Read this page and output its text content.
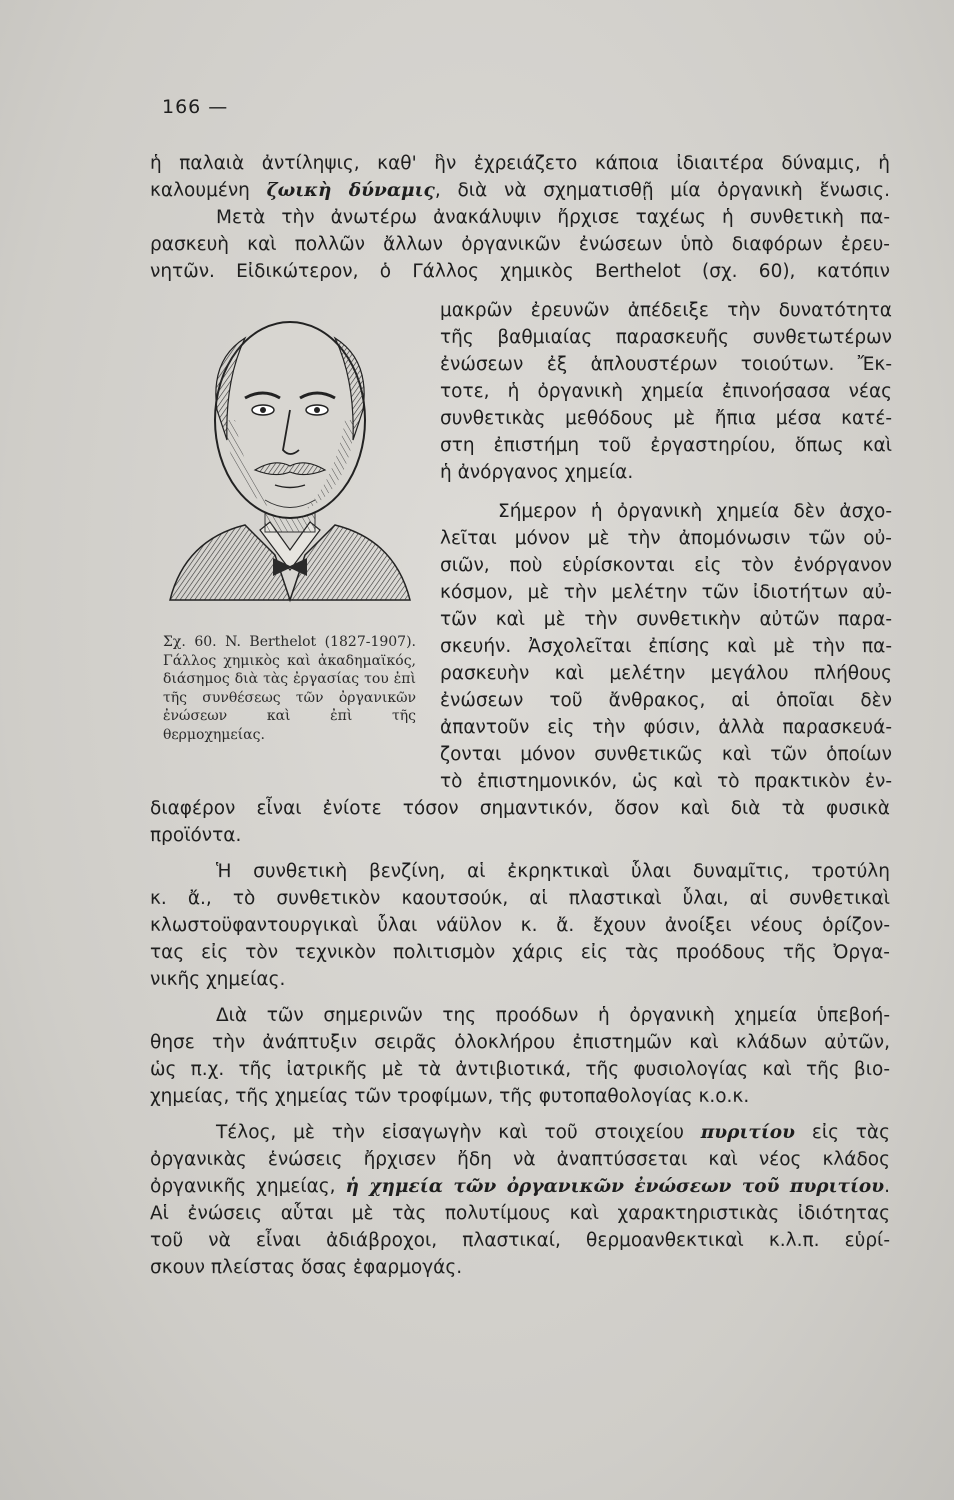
166 —
ἡ παλαιὰ ἀντίληψις, καθ' ἣν ἐχρειάζετο κάποια ἰδιαιτέρα δύναμις, ἡ
καλουμένη ζωικὴ δύναμις, διὰ νὰ σχηματισθῇ μία ὀργανικὴ ἕνωσις.
Μετὰ τὴν ἀνωτέρω ἀνακάλυψιν ἤρχισε ταχέως ἡ συνθετικὴ πα-
ρασκευὴ καὶ πολλῶν ἄλλων ὀργανικῶν ἐνώσεων ὑπὸ διαφόρων ἐρευ-
νητῶν. Εἰδικώτερον, ὁ Γάλλος χημικὸς Berthelot (σχ. 60), κατόπιν
μακρῶν ἐρευνῶν ἀπέδειξε τὴν δυνατότητα
τῆς βαθμιαίας παρασκευῆς συνθετωτέρων
ἐνώσεων ἐξ ἁπλουστέρων τοιούτων. Ἔκ-
τοτε, ἡ ὀργανικὴ χημεία ἐπινοήσασα νέας
συνθετικὰς μεθόδους μὲ ἤπια μέσα κατέ-
στη ἐπιστήμη τοῦ ἐργαστηρίου, ὅπως καὶ
ἡ ἀνόργανος χημεία.
Σήμερον ἡ ὀργανικὴ χημεία δὲν ἀσχο-
λεῖται μόνον μὲ τὴν ἀπομόνωσιν τῶν οὐ-
σιῶν, ποὺ εὑρίσκονται εἰς τὸν ἐνόργανον
κόσμον, μὲ τὴν μελέτην τῶν ἰδιοτήτων αὐ-
τῶν καὶ μὲ τὴν συνθετικὴν αὐτῶν παρα-
σκευήν. Ἀσχολεῖται ἐπίσης καὶ μὲ τὴν πα-
ρασκευὴν καὶ μελέτην μεγάλου πλήθους
ἐνώσεων τοῦ ἄνθρακος, αἱ ὁποῖαι δὲν
ἀπαντοῦν εἰς τὴν φύσιν, ἀλλὰ παρασκευά-
ζονται μόνον συνθετικῶς καὶ τῶν ὁποίων
τὸ ἐπιστημονικόν, ὡς καὶ τὸ πρακτικὸν ἐν-
Σχ. 60. N. Berthelot (1827-1907). Γάλλος χημικὸς καὶ ἀκαδημαϊκός, διάσημος διὰ τὰς ἐργασίας του ἐπὶ τῆς συνθέσεως τῶν ὀργανικῶν ἐνώσεων καὶ ἐπὶ τῆς θερμοχημείας.
διαφέρον εἶναι ἐνίοτε τόσον σημαντικόν, ὅσον καὶ διὰ τὰ φυσικὰ
προϊόντα.
Ἡ συνθετικὴ βενζίνη, αἱ ἐκρηκτικαὶ ὗλαι δυναμῖτις, τροτύλη
κ. ἄ., τὸ συνθετικὸν καουτσούκ, αἱ πλαστικαὶ ὗλαι, αἱ συνθετικαὶ
κλωστοϋφαντουργικαὶ ὗλαι νάϋλον κ. ἄ. ἔχουν ἀνοίξει νέους ὁρίζον-
τας εἰς τὸν τεχνικὸν πολιτισμὸν χάρις εἰς τὰς προόδους τῆς Ὀργα-
νικῆς χημείας.
Διὰ τῶν σημερινῶν της προόδων ἡ ὀργανικὴ χημεία ὑπεβοή-
θησε τὴν ἀνάπτυξιν σειρᾶς ὁλοκλήρου ἐπιστημῶν καὶ κλάδων αὐτῶν,
ὡς π.χ. τῆς ἰατρικῆς μὲ τὰ ἀντιβιοτικά, τῆς φυσιολογίας καὶ τῆς βιο-
χημείας, τῆς χημείας τῶν τροφίμων, τῆς φυτοπαθολογίας κ.ο.κ.
Τέλος, μὲ τὴν εἰσαγωγὴν καὶ τοῦ στοιχείου πυριτίου εἰς τὰς
ὀργανικὰς ἑνώσεις ἤρχισεν ἤδη νὰ ἀναπτύσσεται καὶ νέος κλάδος
ὀργανικῆς χημείας, ἡ χημεία τῶν ὀργανικῶν ἐνώσεων τοῦ πυριτίου.
Αἱ ἐνώσεις αὗται μὲ τὰς πολυτίμους καὶ χαρακτηριστικὰς ἰδιότητας
τοῦ νὰ εἶναι ἀδιάβροχοι, πλαστικαί, θερμοανθεκτικαὶ κ.λ.π. εὑρί-
σκουν πλείστας ὅσας ἐφαρμογάς.
